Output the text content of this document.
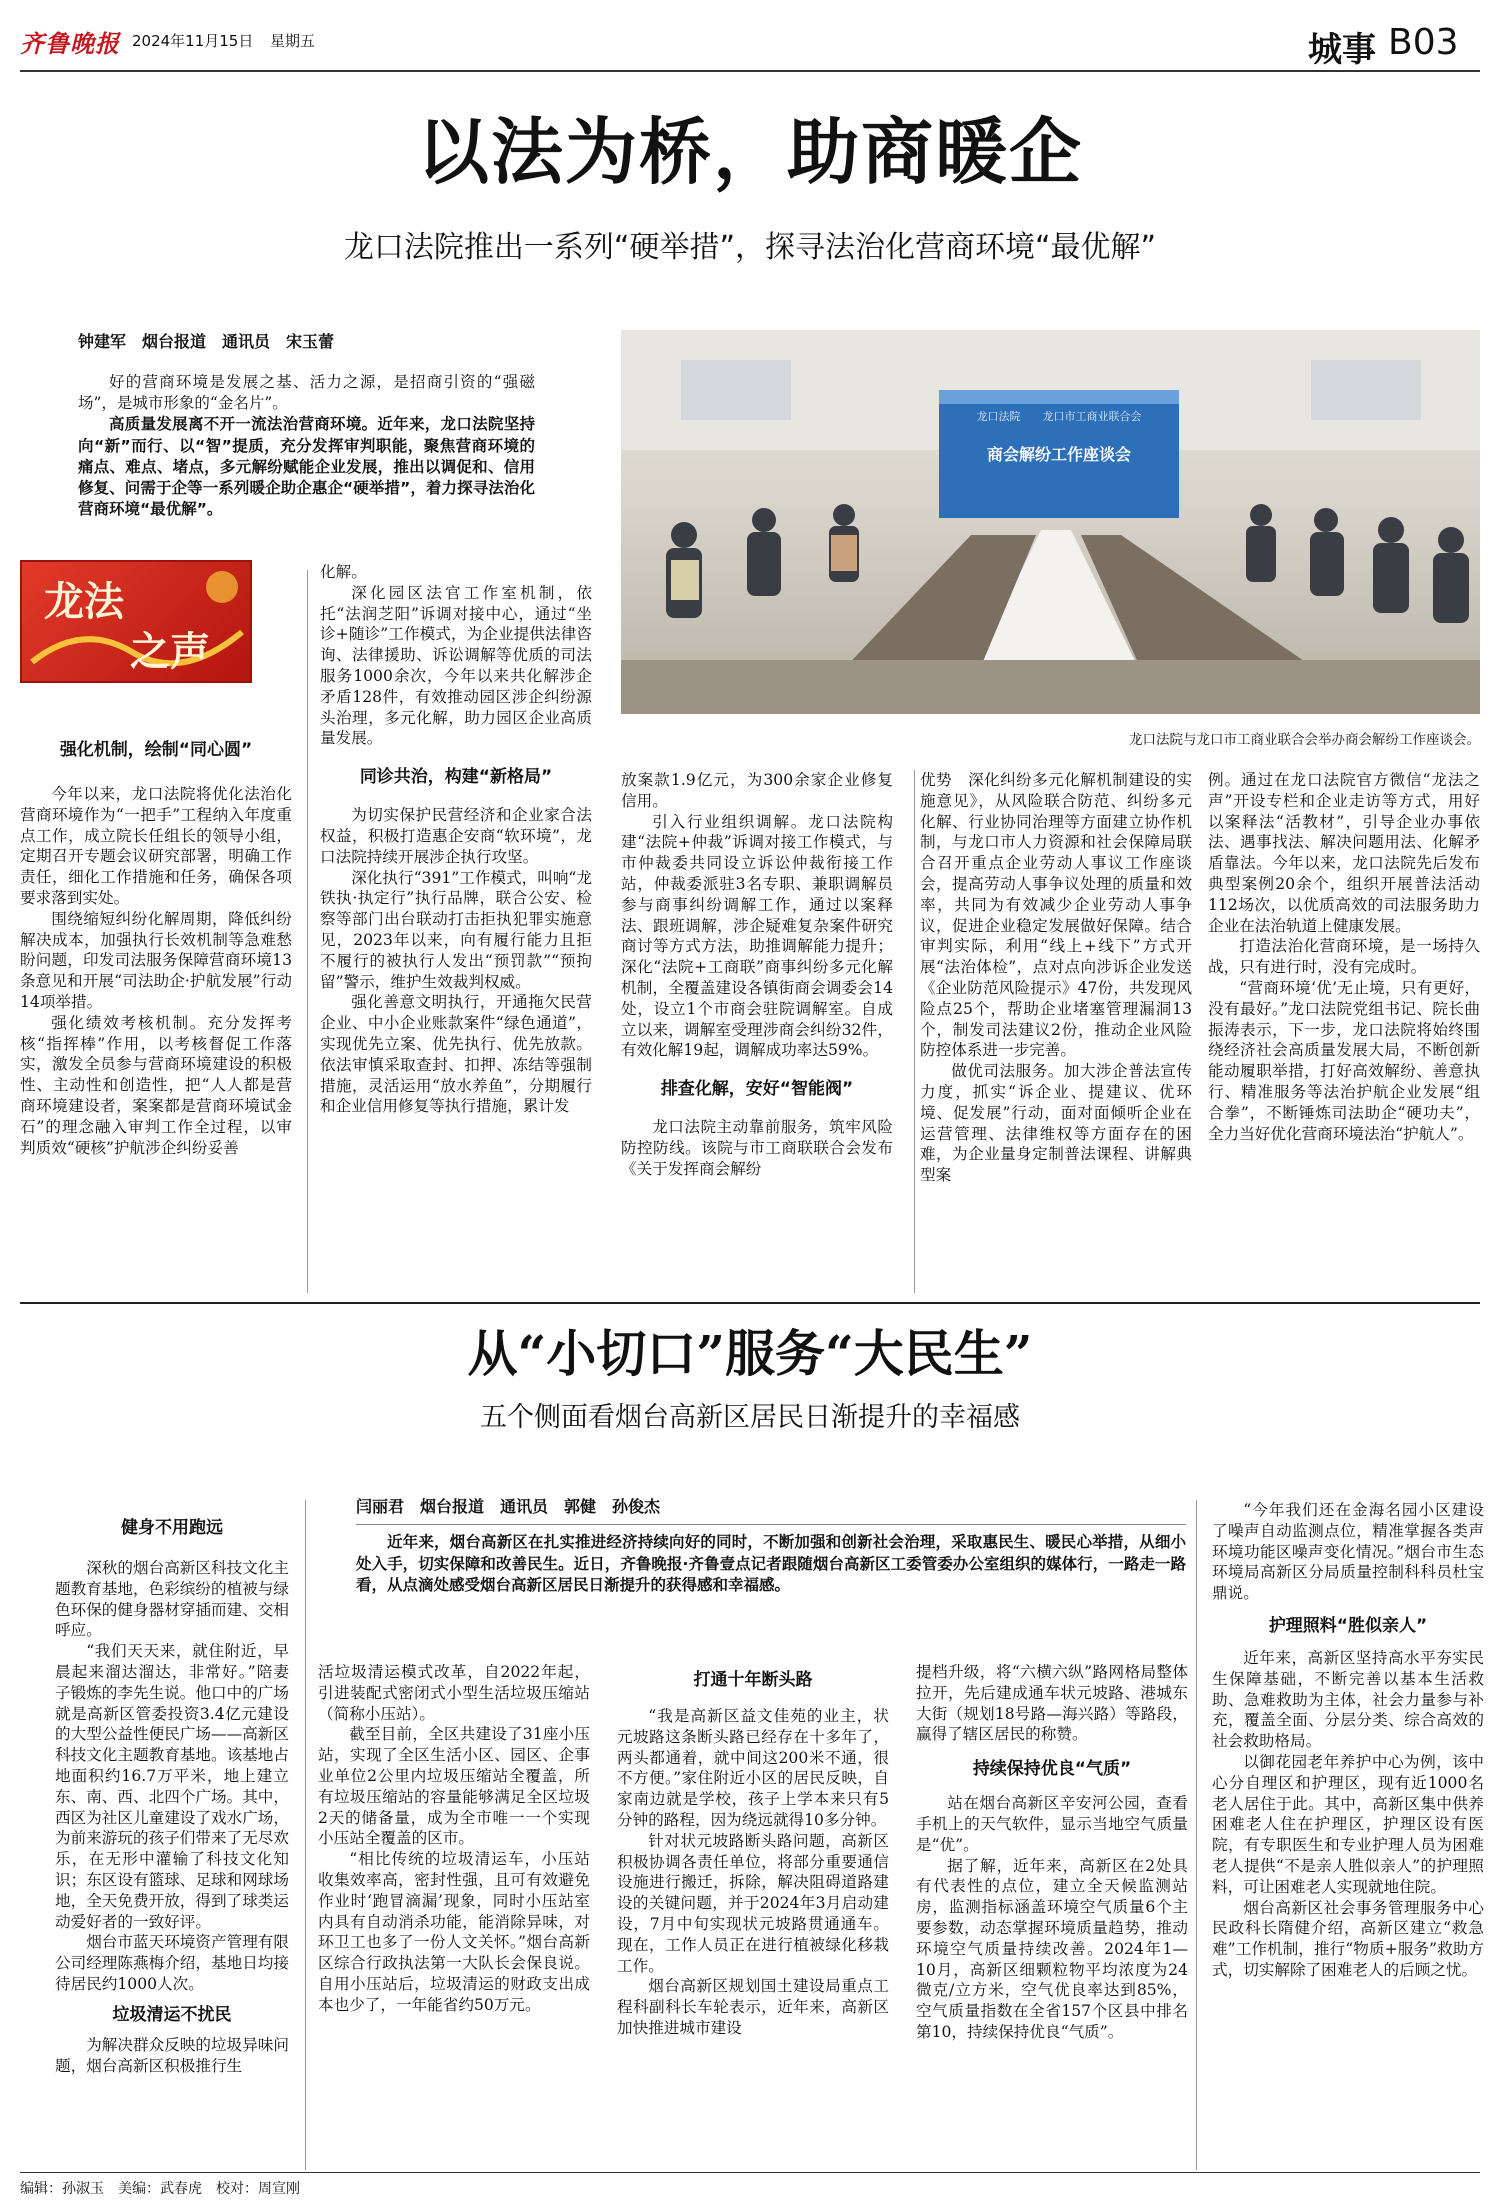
齐鲁晚报 2024年11月15日 星期五	城事 B03
以法为桥，助商暖企
龙口法院推出一系列“硬举措”，探寻法治化营商环境“最优解”
钟建军　烟台报道　通讯员　宋玉蕾

好的营商环境是发展之基、活力之源，是招商引资的“强磁场”，是城市形象的“金名片”。

高质量发展离不开一流法治营商环境。近年来，龙口法院坚持向“新”而行、以“智”提质，充分发挥审判职能，聚焦营商环境的痛点、难点、堵点，多元解纷赋能企业发展，推出以调促和、信用修复、问需于企等一系列暖企助企惠企“硬举措”，着力探寻法治化营商环境“最优解”。

龙口法院　　龙口市工商业联合会
商会解纷工作座谈会
龙口法院与龙口市工商业联合会举办商会解纷工作座谈会。
龙法
之声
强化机制，绘制“同心圆”

今年以来，龙口法院将优化法治化营商环境作为“一把手”工程纳入年度重点工作，成立院长任组长的领导小组，定期召开专题会议研究部署，明确工作责任，细化工作措施和任务，确保各项要求落到实处。

围绕缩短纠纷化解周期，降低纠纷解决成本，加强执行长效机制等急难愁盼问题，印发司法服务保障营商环境13条意见和开展“司法助企·护航发展”行动14项举措。

强化绩效考核机制。充分发挥考核“指挥棒”作用，以考核督促工作落实，激发全员参与营商环境建设的积极性、主动性和创造性，把“人人都是营商环境建设者，案案都是营商环境试金石”的理念融入审判工作全过程，以审判质效“硬核”护航涉企纠纷妥善

化解。

深化园区法官工作室机制，依托“法润芝阳”诉调对接中心，通过“坐诊+随诊”工作模式，为企业提供法律咨询、法律援助、诉讼调解等优质的司法服务1000余次，今年以来共化解涉企矛盾128件，有效推动园区涉企纠纷源头治理，多元化解，助力园区企业高质量发展。

同诊共治，构建“新格局”

为切实保护民营经济和企业家合法权益，积极打造惠企安商“软环境”，龙口法院持续开展涉企执行攻坚。

深化执行“391”工作模式，叫响“龙铁执·执定行”执行品牌，联合公安、检察等部门出台联动打击拒执犯罪实施意见，2023年以来，向有履行能力且拒不履行的被执行人发出“预罚款”“预拘留”警示，维护生效裁判权威。

强化善意文明执行，开通拖欠民营企业、中小企业账款案件“绿色通道”，实现优先立案、优先执行、优先放款。依法审慎采取查封、扣押、冻结等强制措施，灵活运用“放水养鱼”，分期履行和企业信用修复等执行措施，累计发

放案款1.9亿元，为300余家企业修复信用。

引入行业组织调解。龙口法院构建“法院+仲裁”诉调对接工作模式，与市仲裁委共同设立诉讼仲裁衔接工作站，仲裁委派驻3名专职、兼职调解员参与商事纠纷调解工作，通过以案释法、跟班调解，涉企疑难复杂案件研究商讨等方式方法，助推调解能力提升；深化“法院+工商联”商事纠纷多元化解机制，全覆盖建设各镇街商会调委会14处，设立1个市商会驻院调解室。自成立以来，调解室受理涉商会纠纷32件，有效化解19起，调解成功率达59%。

排查化解，安好“智能阀”

龙口法院主动靠前服务，筑牢风险防控防线。该院与市工商联联合会发布《关于发挥商会解纷

优势　深化纠纷多元化解机制建设的实施意见》，从风险联合防范、纠纷多元化解、行业协同治理等方面建立协作机制，与龙口市人力资源和社会保障局联合召开重点企业劳动人事议工作座谈会，提高劳动人事争议处理的质量和效率，共同为有效减少企业劳动人事争议，促进企业稳定发展做好保障。结合审判实际，利用“线上+线下”方式开展“法治体检”，点对点向涉诉企业发送《企业防范风险提示》47份，共发现风险点25个，帮助企业堵塞管理漏洞13个，制发司法建议2份，推动企业风险防控体系进一步完善。

做优司法服务。加大涉企普法宣传力度，抓实“诉企业、提建议、优环境、促发展”行动，面对面倾听企业在运营管理、法律维权等方面存在的困难，为企业量身定制普法课程、讲解典型案

例。通过在龙口法院官方微信“龙法之声”开设专栏和企业走访等方式，用好以案释法“活教材”，引导企业办事依法、遇事找法、解决问题用法、化解矛盾靠法。今年以来，龙口法院先后发布典型案例20余个，组织开展普法活动112场次，以优质高效的司法服务助力企业在法治轨道上健康发展。

打造法治化营商环境，是一场持久战，只有进行时，没有完成时。

“营商环境‘优’无止境，只有更好，没有最好。”龙口法院党组书记、院长曲振涛表示，下一步，龙口法院将始终围绕经济社会高质量发展大局，不断创新能动履职举措，打好高效解纷、善意执行、精准服务等法治护航企业发展“组合拳”，不断锤炼司法助企“硬功夫”，全力当好优化营商环境法治“护航人”。

从“小切口”服务“大民生”
五个侧面看烟台高新区居民日渐提升的幸福感
闫丽君　烟台报道　通讯员　郭健　孙俊杰
近年来，烟台高新区在扎实推进经济持续向好的同时，不断加强和创新社会治理，采取惠民生、暖民心举措，从细小处入手，切实保障和改善民生。近日，齐鲁晚报·齐鲁壹点记者跟随烟台高新区工委管委办公室组织的媒体行，一路走一路看，从点滴处感受烟台高新区居民日渐提升的获得感和幸福感。
健身不用跑远

深秋的烟台高新区科技文化主题教育基地，色彩缤纷的植被与绿色环保的健身器材穿插而建、交相呼应。

“我们天天来，就住附近，早晨起来溜达溜达，非常好。”陪妻子锻炼的李先生说。他口中的广场就是高新区管委投资3.4亿元建设的大型公益性便民广场——高新区科技文化主题教育基地。该基地占地面积约16.7万平米，地上建立东、南、西、北四个广场。其中，西区为社区儿童建设了戏水广场，为前来游玩的孩子们带来了无尽欢乐，在无形中灌输了科技文化知识；东区设有篮球、足球和网球场地，全天免费开放，得到了球类运动爱好者的一致好评。

烟台市蓝天环境资产管理有限公司经理陈燕梅介绍，基地日均接待居民约1000人次。

垃圾清运不扰民

为解决群众反映的垃圾异味问题，烟台高新区积极推行生

活垃圾清运模式改革，自2022年起，引进装配式密闭式小型生活垃圾压缩站（简称小压站）。

截至目前，全区共建设了31座小压站，实现了全区生活小区、园区、企事业单位2公里内垃圾压缩站全覆盖，所有垃圾压缩站的容量能够满足全区垃圾2天的储备量，成为全市唯一一个实现小压站全覆盖的区市。

“相比传统的垃圾清运车，小压站收集效率高，密封性强，且可有效避免作业时‘跑冒滴漏’现象，同时小压站室内具有自动消杀功能，能消除异味，对环卫工也多了一份人文关怀。”烟台高新区综合行政执法第一大队长会保良说。自用小压站后，垃圾清运的财政支出成本也少了，一年能省约50万元。

打通十年断头路

“我是高新区益文佳苑的业主，状元坡路这条断头路已经存在十多年了，两头都通着，就中间这200米不通，很不方便。”家住附近小区的居民反映，自家南边就是学校，孩子上学本来只有5分钟的路程，因为绕远就得10多分钟。

针对状元坡路断头路问题，高新区积极协调各责任单位，将部分重要通信设施进行搬迁，拆除，解决阻碍道路建设的关键问题，并于2024年3月启动建设，7月中旬实现状元坡路贯通通车。现在，工作人员正在进行植被绿化移栽工作。

烟台高新区规划国土建设局重点工程科副科长车轮表示，近年来，高新区加快推进城市建设

提档升级，将“六横六纵”路网格局整体拉开，先后建成通车状元坡路、港城东大街（规划18号路—海兴路）等路段，赢得了辖区居民的称赞。

持续保持优良“气质”

站在烟台高新区辛安河公园，查看手机上的天气软件，显示当地空气质量是“优”。

据了解，近年来，高新区在2处具有代表性的点位，建立全天候监测站房，监测指标涵盖环境空气质量6个主要参数，动态掌握环境质量趋势，推动环境空气质量持续改善。2024年1—10月，高新区细颗粒物平均浓度为24微克/立方米，空气优良率达到85%，空气质量指数在全省157个区县中排名第10，持续保持优良“气质”。

“今年我们还在金海名园小区建设了噪声自动监测点位，精准掌握各类声环境功能区噪声变化情况。”烟台市生态环境局高新区分局质量控制科科员杜宝鼎说。

护理照料“胜似亲人”

近年来，高新区坚持高水平夯实民生保障基础，不断完善以基本生活救助、急难救助为主体，社会力量参与补充，覆盖全面、分层分类、综合高效的社会救助格局。

以御花园老年养护中心为例，该中心分自理区和护理区，现有近1000名老人居住于此。其中，高新区集中供养困难老人住在护理区，护理区设有医院，有专职医生和专业护理人员为困难老人提供“不是亲人胜似亲人”的护理照料，可让困难老人实现就地住院。

烟台高新区社会事务管理服务中心民政科长隋健介绍，高新区建立“救急难”工作机制，推行“物质+服务”救助方式，切实解除了困难老人的后顾之忧。

编辑：孙淑玉　美编：武春虎　校对：周宣刚
